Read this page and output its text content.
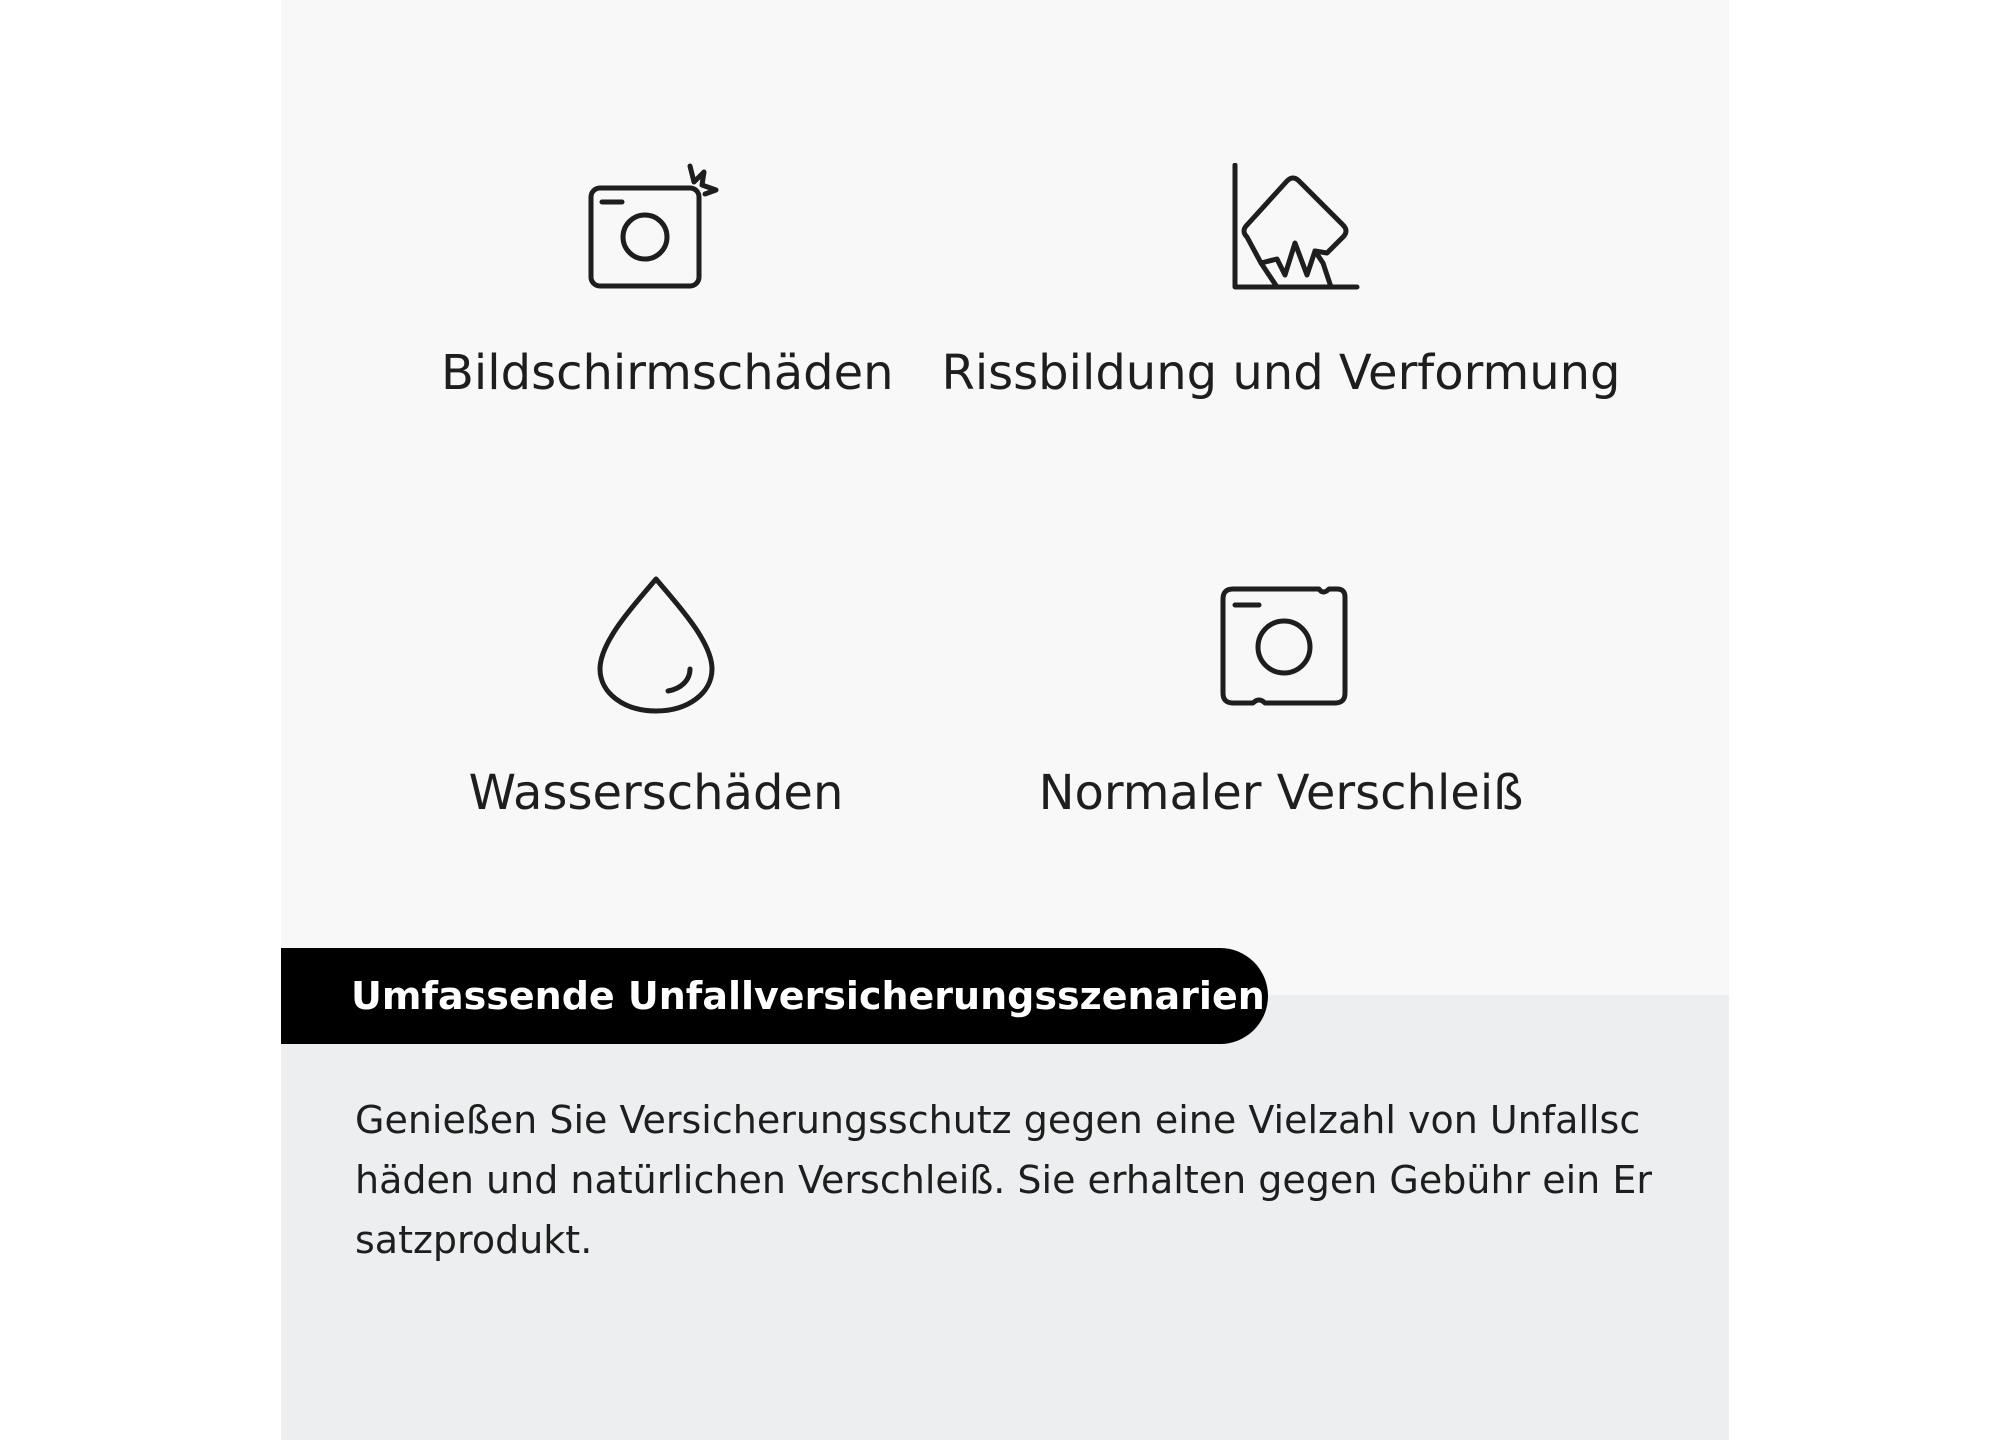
Bildschirmschäden Rissbildung und Verformung
Wasserschäden	Normaler Verschleiß
Umfassende Unfallversicherungsszenarien
Genießen Sie Versicherungsschutz gegen eine Vielzahl von Unfallschäden und natürlichen Verschleiß. Sie erhalten gegen Gebühr ein Ersatzprodukt.
